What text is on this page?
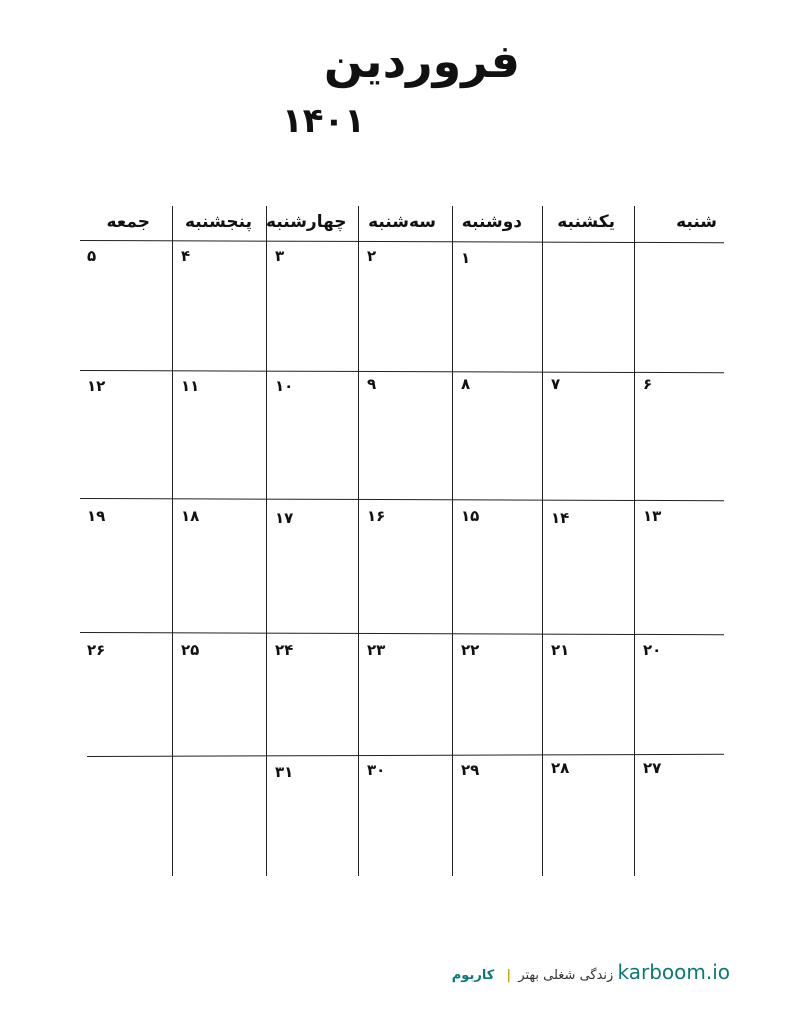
فروردین
۱۴۰۱
شنبه
یکشنبه
دوشنبه
سه‌شنبه
چهارشنبه
پنجشنبه
جمعه
۱
۲
۳
۴
۵
۶
۷
۸
۹
۱۰
۱۱
۱۲
۱۳
۱۴
۱۵
۱۶
۱۷
۱۸
۱۹
۲۰
۲۱
۲۲
۲۳
۲۴
۲۵
۲۶
۲۷
۲۸
۲۹
۳۰
۳۱
زندگی شغلی بهتر | کاربوم	karboom.io
